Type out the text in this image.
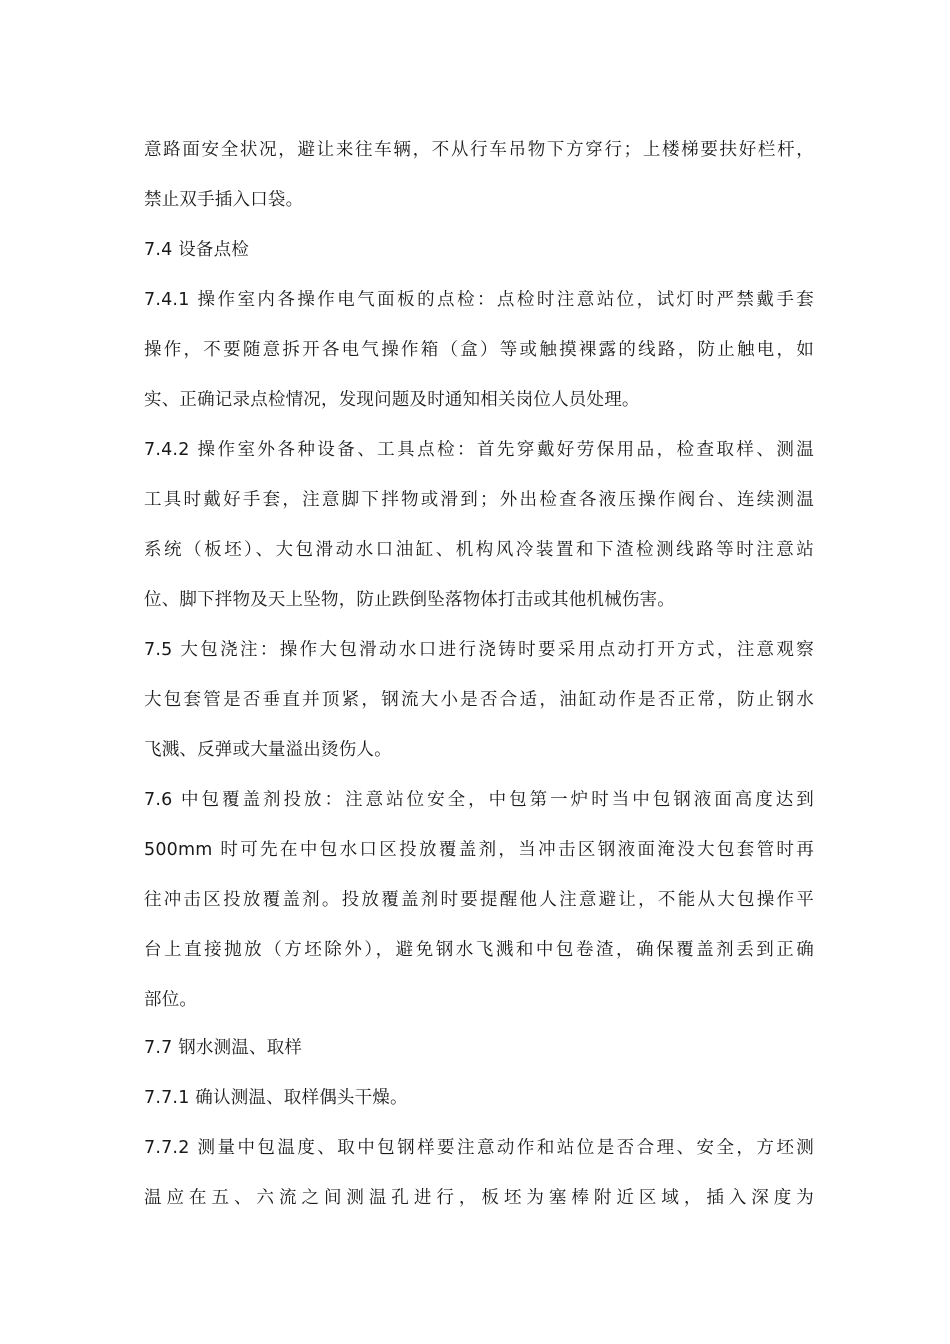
意路面安全状况，避让来往车辆，不从行车吊物下方穿行；上楼梯要扶好栏杆，
禁止双手插入口袋。
7.4 设备点检
7.4.1 操作室内各操作电气面板的点检：点检时注意站位，试灯时严禁戴手套
操作，不要随意拆开各电气操作箱（盒）等或触摸裸露的线路，防止触电，如
实、正确记录点检情况，发现问题及时通知相关岗位人员处理。
7.4.2 操作室外各种设备、工具点检：首先穿戴好劳保用品，检查取样、测温
工具时戴好手套，注意脚下拌物或滑到；外出检查各液压操作阀台、连续测温
系统（板坯）、大包滑动水口油缸、机构风冷装置和下渣检测线路等时注意站
位、脚下拌物及天上坠物，防止跌倒坠落物体打击或其他机械伤害。
7.5 大包浇注：操作大包滑动水口进行浇铸时要采用点动打开方式，注意观察
大包套管是否垂直并顶紧，钢流大小是否合适，油缸动作是否正常，防止钢水
飞溅、反弹或大量溢出烫伤人。
7.6 中包覆盖剂投放：注意站位安全，中包第一炉时当中包钢液面高度达到
500mm 时可先在中包水口区投放覆盖剂，当冲击区钢液面淹没大包套管时再
往冲击区投放覆盖剂。投放覆盖剂时要提醒他人注意避让，不能从大包操作平
台上直接抛放（方坯除外），避免钢水飞溅和中包卷渣，确保覆盖剂丢到正确
部位。
7.7 钢水测温、取样
7.7.1 确认测温、取样偶头干燥。
7.7.2 测量中包温度、取中包钢样要注意动作和站位是否合理、安全，方坯测
温应在五、六流之间测温孔进行，板坯为塞棒附近区域，插入深度为
